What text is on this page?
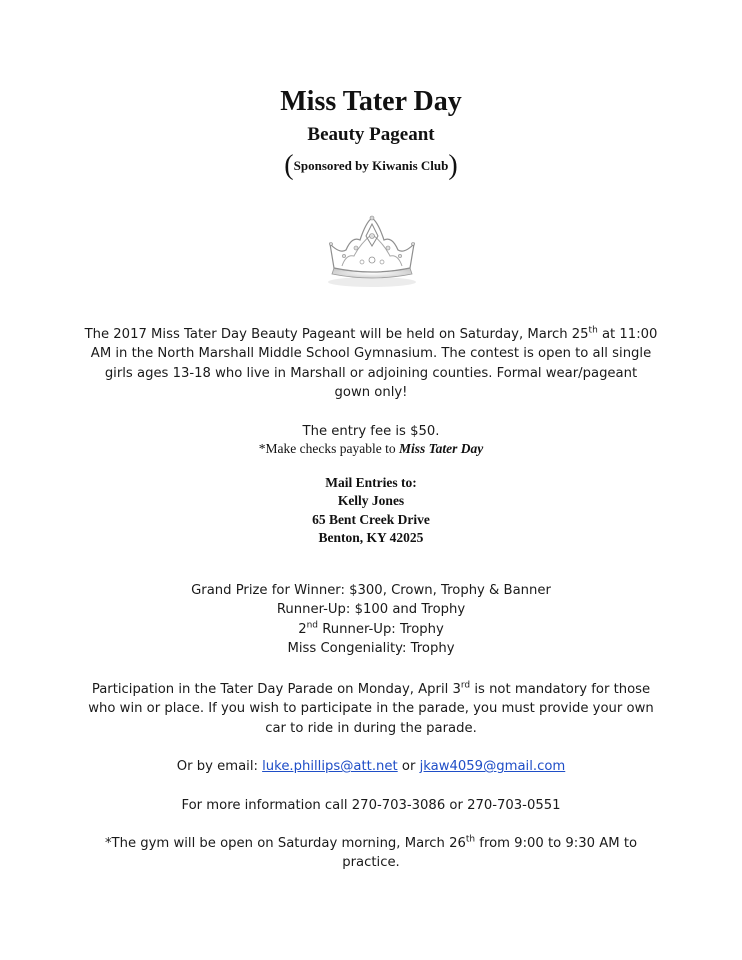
Miss Tater Day
Beauty Pageant
(Sponsored by Kiwanis Club)
The 2017 Miss Tater Day Beauty Pageant will be held on Saturday, March 25th at 11:00
AM in the North Marshall Middle School Gymnasium. The contest is open to all single
girls ages 13-18 who live in Marshall or adjoining counties. Formal wear/pageant
gown only!
The entry fee is $50.
*Make checks payable to Miss Tater Day
Mail Entries to:
Kelly Jones
65 Bent Creek Drive
Benton, KY 42025
Grand Prize for Winner: $300, Crown, Trophy & Banner
Runner-Up: $100 and Trophy
2nd Runner-Up: Trophy
Miss Congeniality: Trophy
Participation in the Tater Day Parade on Monday, April 3rd is not mandatory for those
who win or place. If you wish to participate in the parade, you must provide your own
car to ride in during the parade.
Or by email: luke.phillips@att.net or jkaw4059@gmail.com
For more information call 270-703-3086 or 270-703-0551
*The gym will be open on Saturday morning, March 26th from 9:00 to 9:30 AM to
practice.
